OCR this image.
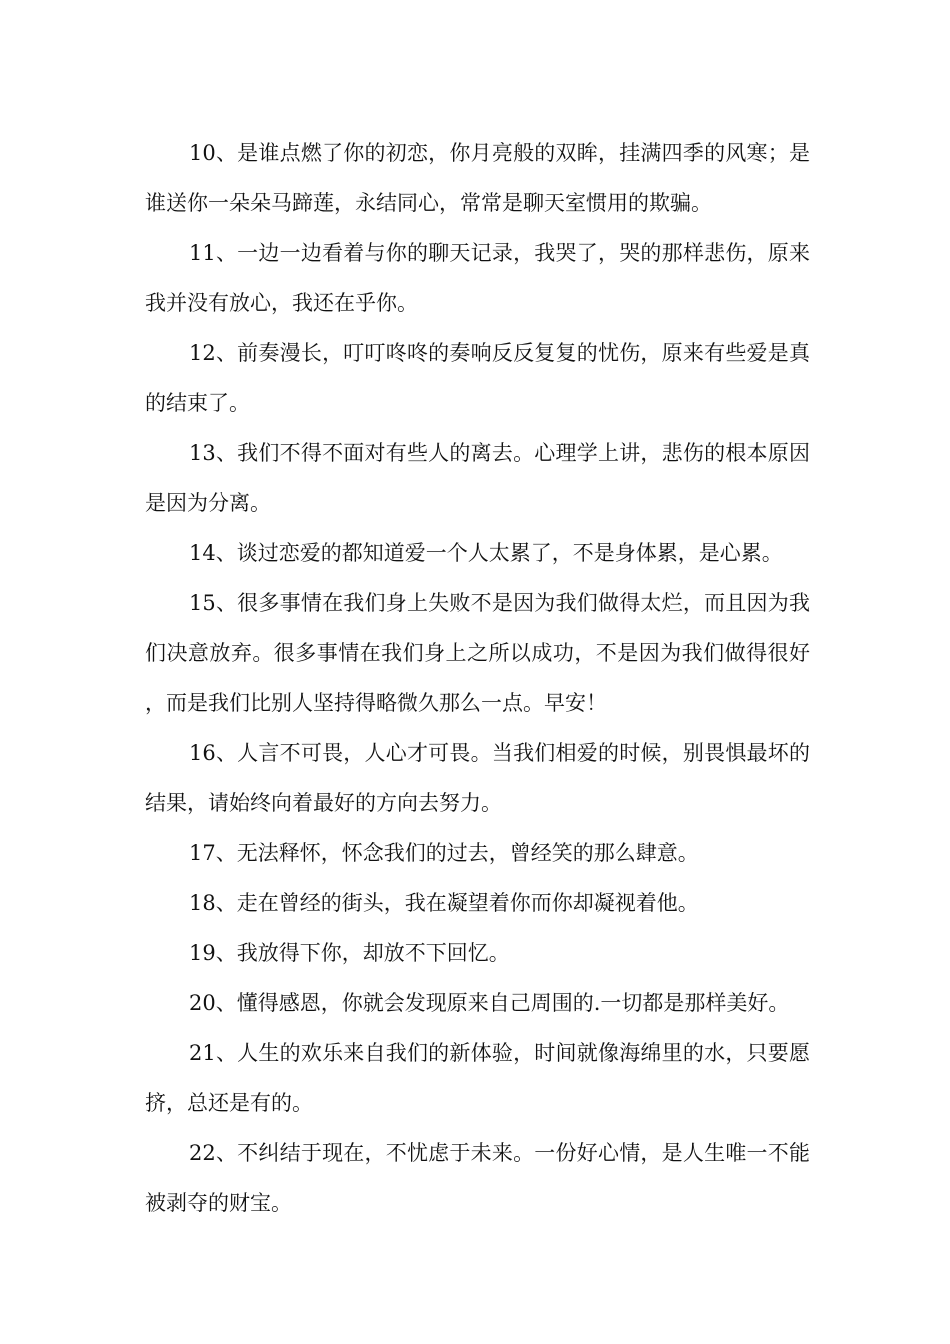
10、是谁点燃了你的初恋，你月亮般的双眸，挂满四季的风寒；是谁送你一朵朵马蹄莲，永结同心，常常是聊天室惯用的欺骗。

11、一边一边看着与你的聊天记录，我哭了，哭的那样悲伤，原来我并没有放心，我还在乎你。

12、前奏漫长，叮叮咚咚的奏响反反复复的忧伤，原来有些爱是真的结束了。

13、我们不得不面对有些人的离去。心理学上讲，悲伤的根本原因是因为分离。

14、谈过恋爱的都知道爱一个人太累了，不是身体累，是心累。

15、很多事情在我们身上失败不是因为我们做得太烂，而且因为我们决意放弃。很多事情在我们身上之所以成功，不是因为我们做得很好，而是我们比别人坚持得略微久那么一点。早安！

16、人言不可畏，人心才可畏。当我们相爱的时候，别畏惧最坏的结果，请始终向着最好的方向去努力。

17、无法释怀，怀念我们的过去，曾经笑的那么肆意。

18、走在曾经的街头，我在凝望着你而你却凝视着他。

19、我放得下你，却放不下回忆。

20、懂得感恩，你就会发现原来自己周围的.一切都是那样美好。

21、人生的欢乐来自我们的新体验，时间就像海绵里的水，只要愿挤，总还是有的。

22、不纠结于现在，不忧虑于未来。一份好心情，是人生唯一不能被剥夺的财宝。
